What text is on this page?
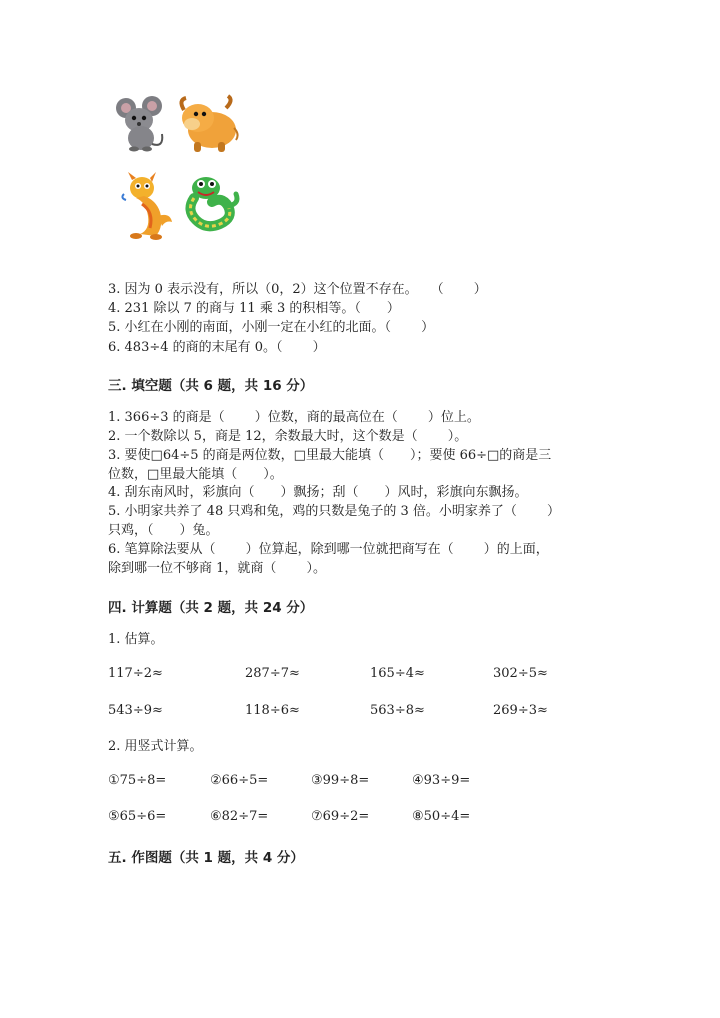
3. 因为 0 表示没有，所以（0，2）这个位置不存在。　　（　　 ）
4. 231 除以 7 的商与 11 乘 3 的积相等。（　　）
5. 小红在小刚的南面，小刚一定在小红的北面。（　　 ）
6. 483÷4 的商的末尾有 0。（　　 ）
三. 填空题（共 6 题，共 16 分）
1. 366÷3 的商是（　　 ）位数，商的最高位在（　　 ）位上。
2. 一个数除以 5，商是 12，余数最大时，这个数是（　　 ）。
3. 要使□64÷5 的商是两位数，□里最大能填（　　）；要使 66÷□的商是三
位数，□里最大能填（　　）。
4. 刮东南风时，彩旗向（　　）飘扬；刮（　　）风时，彩旗向东飘扬。
5. 小明家共养了 48 只鸡和兔，鸡的只数是兔子的 3 倍。小明家养了（　　 ）
只鸡，（　　）兔。
6. 笔算除法要从（　　 ）位算起，除到哪一位就把商写在（　　 ）的上面，
除到哪一位不够商 1，就商（　　 ）。
四. 计算题（共 2 题，共 24 分）
1. 估算。
117÷2≈	287÷7≈	165÷4≈	302÷5≈
543÷9≈	118÷6≈	563÷8≈	269÷3≈
2. 用竖式计算。
①75÷8=	②66÷5=	③99÷8=	④93÷9=
⑤65÷6=	⑥82÷7=	⑦69÷2=	⑧50÷4=
五. 作图题（共 1 题，共 4 分）
